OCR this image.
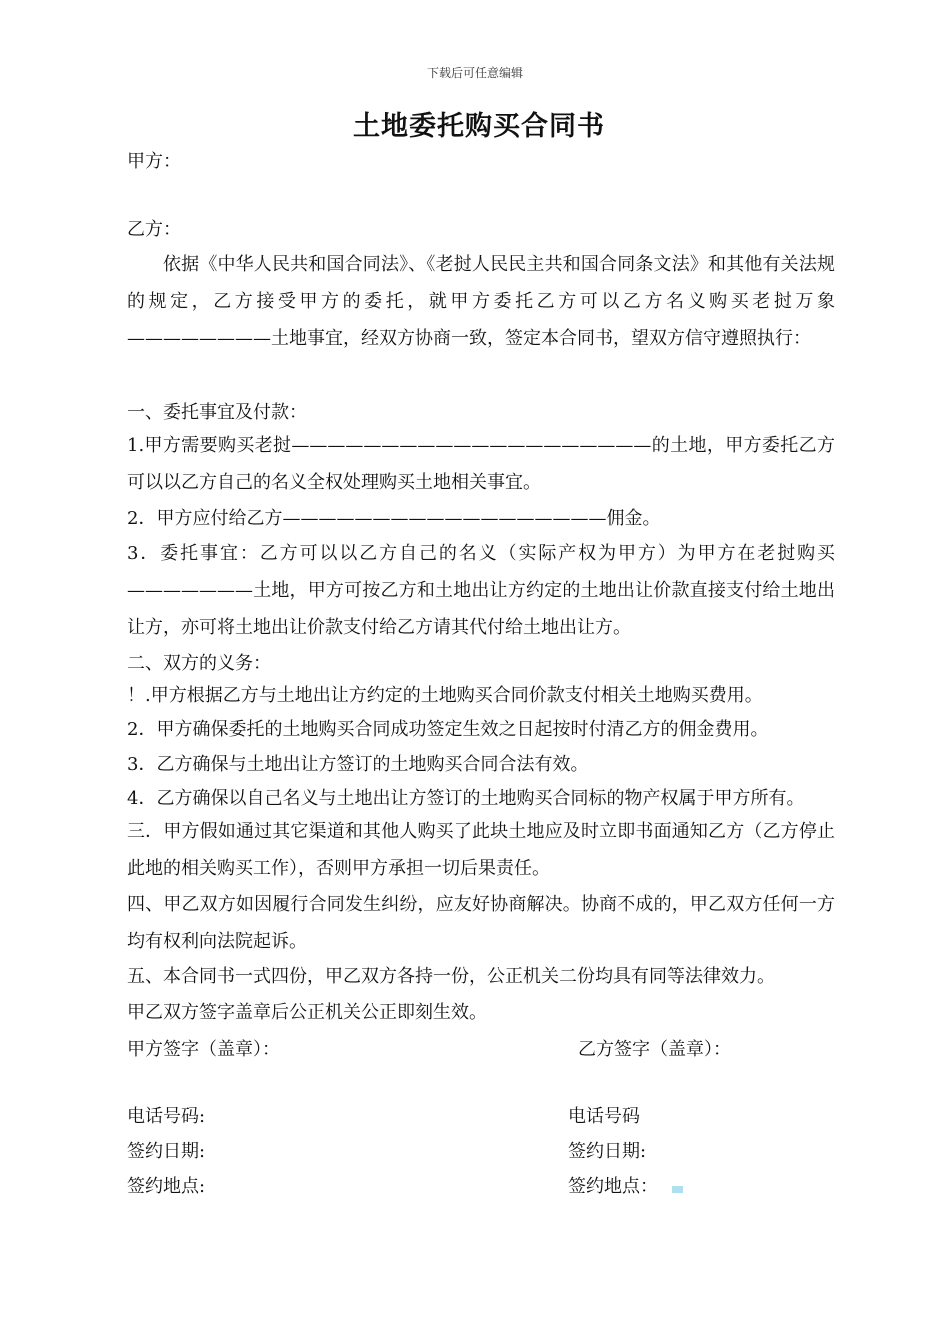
下载后可任意编辑
土地委托购买合同书
甲方：
乙方：
依据《中华人民共和国合同法》、《老挝人民民主共和国合同条文法》和其他有关法规的规定，乙方接受甲方的委托，就甲方委托乙方可以乙方名义购买老挝万象————————土地事宜，经双方协商一致，签定本合同书，望双方信守遵照执行：
一、委托事宜及付款：
1.甲方需要购买老挝————————————————————的土地，甲方委托乙方可以以乙方自己的名义全权处理购买土地相关事宜。
2．甲方应付给乙方——————————————————佣金。
3．委托事宜：乙方可以以乙方自己的名义（实际产权为甲方）为甲方在老挝购买———————土地，甲方可按乙方和土地出让方约定的土地出让价款直接支付给土地出让方，亦可将土地出让价款支付给乙方请其代付给土地出让方。
二、双方的义务：
！.甲方根据乙方与土地出让方约定的土地购买合同价款支付相关土地购买费用。
2．甲方确保委托的土地购买合同成功签定生效之日起按时付清乙方的佣金费用。
3．乙方确保与土地出让方签订的土地购买合同合法有效。
4．乙方确保以自己名义与土地出让方签订的土地购买合同标的物产权属于甲方所有。
三．甲方假如通过其它渠道和其他人购买了此块土地应及时立即书面通知乙方（乙方停止此地的相关购买工作），否则甲方承担一切后果责任。
四、甲乙双方如因履行合同发生纠纷，应友好协商解决。协商不成的，甲乙双方任何一方均有权利向法院起诉。
五、本合同书一式四份，甲乙双方各持一份，公正机关二份均具有同等法律效力。
甲乙双方签字盖章后公正机关公正即刻生效。
甲方签字（盖章）：	乙方签字（盖章）：
电话号码:	电话号码
签约日期:	签约日期:
签约地点:	签约地点：
